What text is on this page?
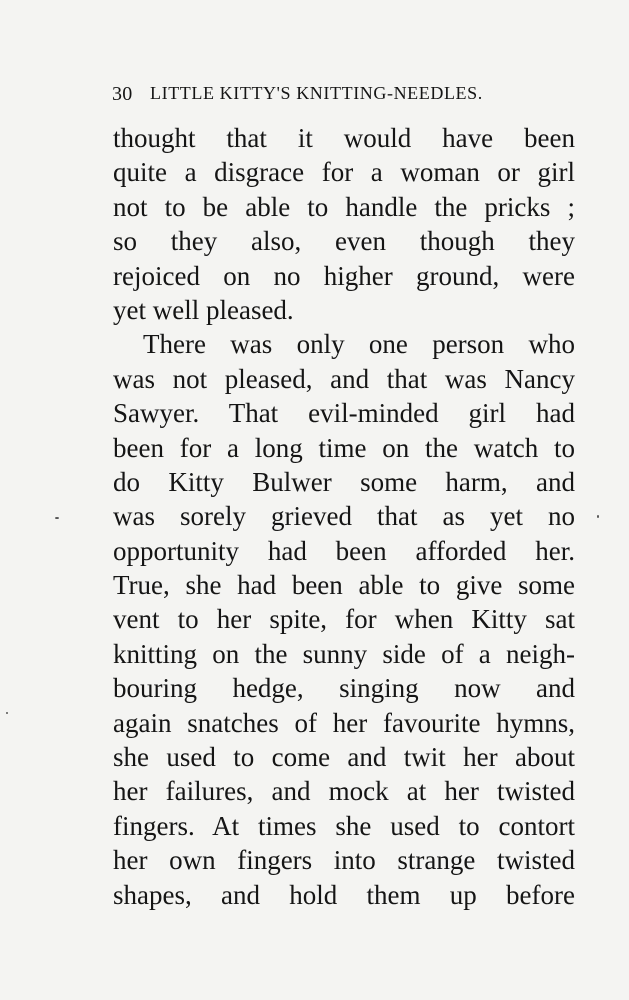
30 LITTLE KITTY'S KNITTING-NEEDLES.
thought that it would have been
quite a disgrace for a woman or girl
not to be able to handle the pricks ;
so they also, even though they
rejoiced on no higher ground, were
yet well pleased.
There was only one person who
was not pleased, and that was Nancy
Sawyer. That evil-minded girl had
been for a long time on the watch to
do Kitty Bulwer some harm, and
was sorely grieved that as yet no
opportunity had been afforded her.
True, she had been able to give some
vent to her spite, for when Kitty sat
knitting on the sunny side of a neigh-
bouring hedge, singing now and
again snatches of her favourite hymns,
she used to come and twit her about
her failures, and mock at her twisted
fingers. At times she used to contort
her own fingers into strange twisted
shapes, and hold them up before
